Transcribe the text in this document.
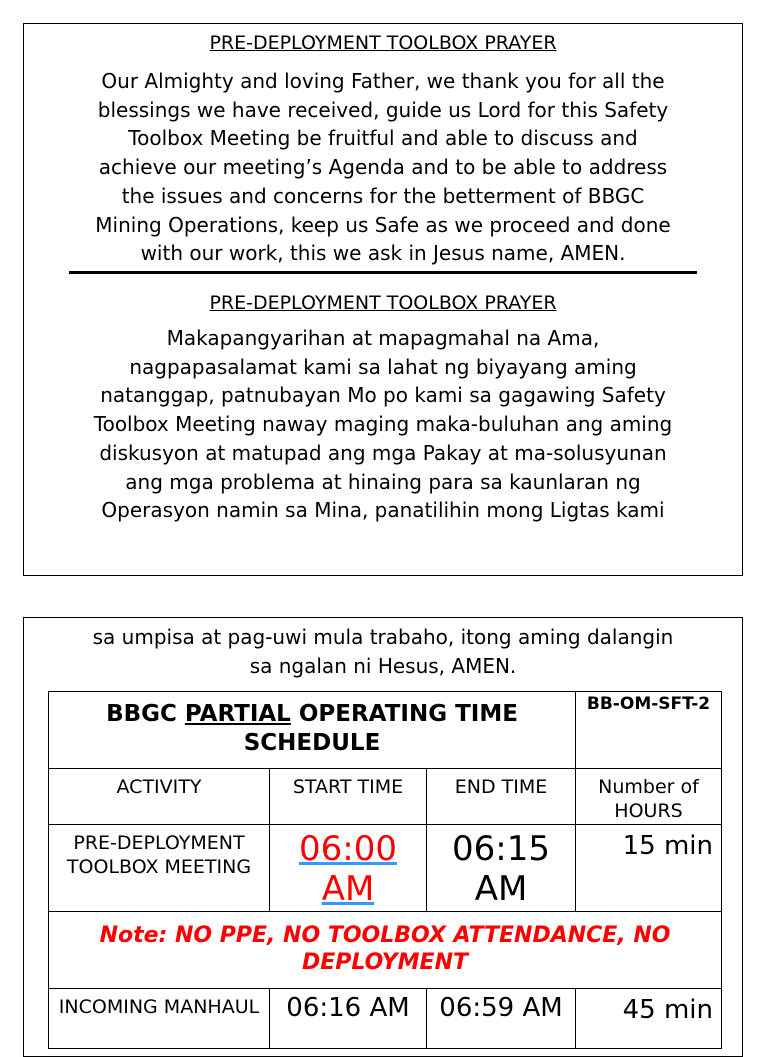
PRE-DEPLOYMENT TOOLBOX PRAYER

Our Almighty and loving Father, we thank you for all the
blessings we have received, guide us Lord for this Safety
Toolbox Meeting be fruitful and able to discuss and
achieve our meeting’s Agenda and to be able to address
the issues and concerns for the betterment of BBGC
Mining Operations, keep us Safe as we proceed and done
with our work, this we ask in Jesus name, AMEN.

PRE-DEPLOYMENT TOOLBOX PRAYER

Makapangyarihan at mapagmahal na Ama,
nagpapasalamat kami sa lahat ng biyayang aming
natanggap, patnubayan Mo po kami sa gagawing Safety
Toolbox Meeting naway maging maka-buluhan ang aming
diskusyon at matupad ang mga Pakay at ma-solusyunan
ang mga problema at hinaing para sa kaunlaran ng
Operasyon namin sa Mina, panatilihin mong Ligtas kami
sa umpisa at pag-uwi mula trabaho, itong aming dalangin
sa ngalan ni Hesus, AMEN.
BBGC PARTIAL OPERATING TIME SCHEDULE			BB-OM-SFT-2
ACTIVITY	START TIME	END TIME	Number of HOURS
PRE-DEPLOYMENT TOOLBOX MEETING	06:00 AM	06:15 AM	15 min
Note: NO PPE, NO TOOLBOX ATTENDANCE, NO DEPLOYMENT			
INCOMING MANHAUL	06:16 AM	06:59 AM	45 min
